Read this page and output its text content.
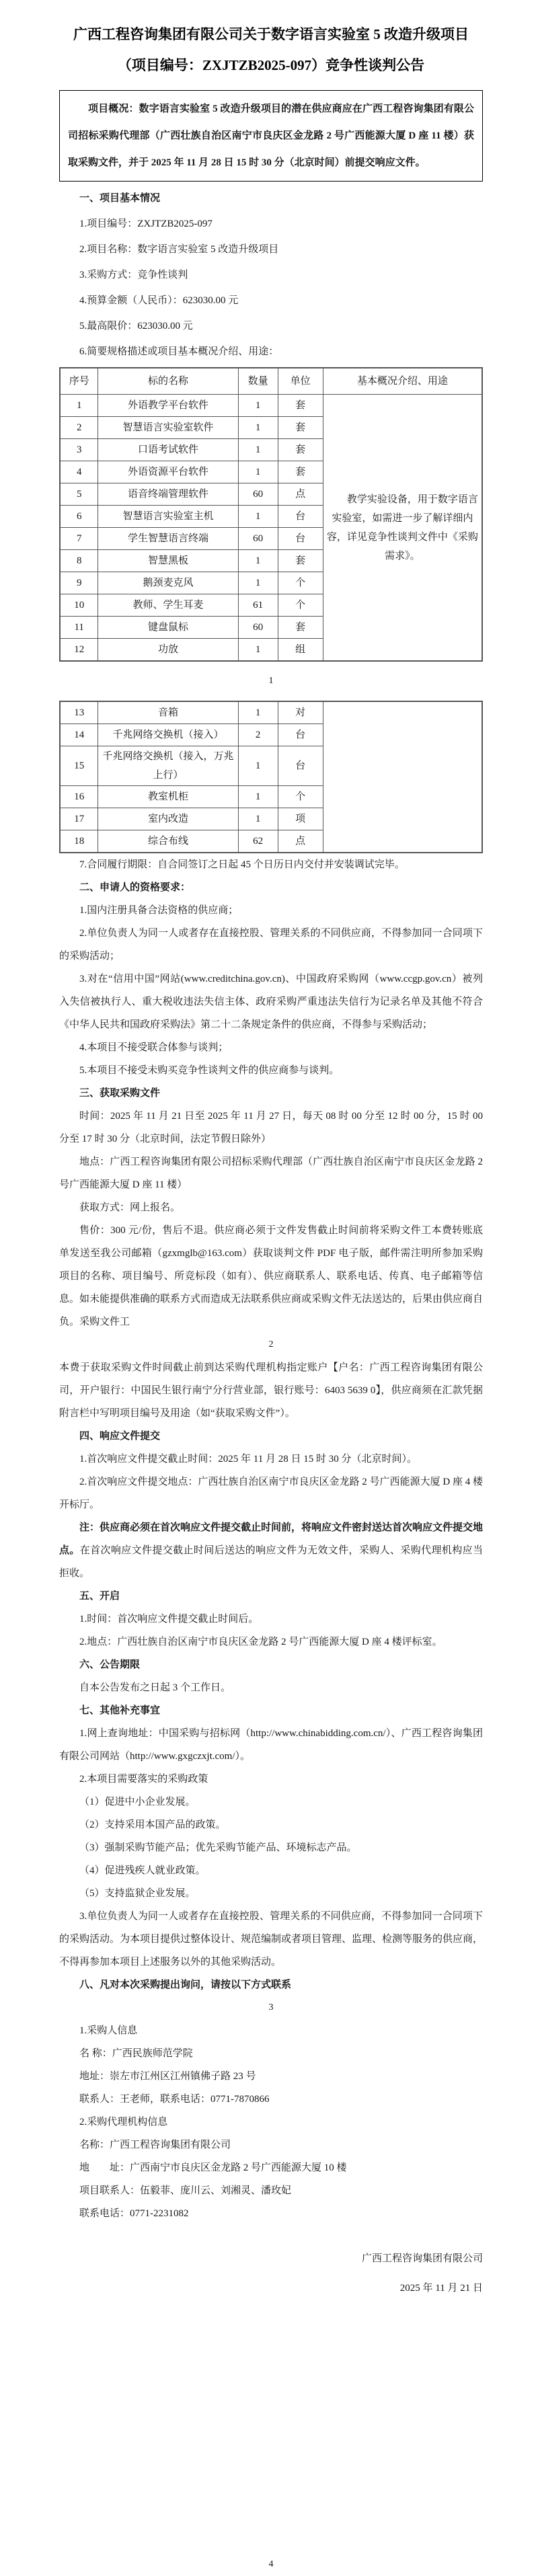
广西工程咨询集团有限公司关于数字语言实验室 5 改造升级项目
（项目编号：ZXJTZB2025-097）竞争性谈判公告
项目概况：数字语言实验室 5 改造升级项目的潜在供应商应在广西工程咨询集团有限公司招标采购代理部（广西壮族自治区南宁市良庆区金龙路 2 号广西能源大厦 D 座 11 楼）获取采购文件，并于 2025 年 11 月 28 日 15 时 30 分（北京时间）前提交响应文件。

一、项目基本情况

1.项目编号：ZXJTZB2025-097

2.项目名称：数字语言实验室 5 改造升级项目

3.采购方式：竞争性谈判

4.预算金额（人民币）：623030.00 元

5.最高限价：623030.00 元

6.简要规格描述或项目基本概况介绍、用途：

序号	标的名称	数量	单位	基本概况介绍、用途
1	外语教学平台软件	1	套	教学实验设备，用于数字语言实验室，如需进一步了解详细内容，详见竞争性谈判文件中《采购需求》。
2	智慧语言实验室软件	1	套	
3	口语考试软件	1	套	
4	外语资源平台软件	1	套	
5	语音终端管理软件	60	点	
6	智慧语言实验室主机	1	台	
7	学生智慧语言终端	60	台	
8	智慧黑板	1	套	
9	鹅颈麦克风	1	个	
10	教师、学生耳麦	61	个	
11	键盘鼠标	60	套	
12	功放	1	组	
1
13	音箱	1	对	
14	千兆网络交换机（接入）	2	台	
15	千兆网络交换机（接入，万兆上行）	1	台	
16	教室机柜	1	个	
17	室内改造	1	项	
18	综合布线	62	点	

7.合同履行期限：自合同签订之日起 45 个日历日内交付并安装调试完毕。

二、申请人的资格要求：

1.国内注册具备合法资格的供应商；

2.单位负责人为同一人或者存在直接控股、管理关系的不同供应商，不得参加同一合同项下的采购活动；

3.对在“信用中国”网站(www.creditchina.gov.cn)、中国政府采购网（www.ccgp.gov.cn）被列入失信被执行人、重大税收违法失信主体、政府采购严重违法失信行为记录名单及其他不符合《中华人民共和国政府采购法》第二十二条规定条件的供应商，不得参与采购活动；

4.本项目不接受联合体参与谈判；

5.本项目不接受未购买竞争性谈判文件的供应商参与谈判。

三、获取采购文件

时间：2025 年 11 月 21 日至 2025 年 11 月 27 日，每天 08 时 00 分至 12 时 00 分，15 时 00 分至 17 时 30 分（北京时间，法定节假日除外）

地点：广西工程咨询集团有限公司招标采购代理部（广西壮族自治区南宁市良庆区金龙路 2 号广西能源大厦 D 座 11 楼）

获取方式：网上报名。

售价：300 元/份，售后不退。供应商必须于文件发售截止时间前将采购文件工本费转账底单发送至我公司邮箱（gzxmglb@163.com）获取谈判文件 PDF 电子版，邮件需注明所参加采购项目的名称、项目编号、所竞标段（如有）、供应商联系人、联系电话、传真、电子邮箱等信息。如未能提供准确的联系方式而造成无法联系供应商或采购文件无法送达的，后果由供应商自负。采购文件工

2

本费于获取采购文件时间截止前到达采购代理机构指定账户【户名：广西工程咨询集团有限公司，开户银行：中国民生银行南宁分行营业部，银行账号：6403 5639 0】，供应商须在汇款凭据附言栏中写明项目编号及用途（如“获取采购文件”）。

四、响应文件提交

1.首次响应文件提交截止时间：2025 年 11 月 28 日 15 时 30 分（北京时间）。

2.首次响应文件提交地点：广西壮族自治区南宁市良庆区金龙路 2 号广西能源大厦 D 座 4 楼开标厅。

注：供应商必须在首次响应文件提交截止时间前，将响应文件密封送达首次响应文件提交地点。在首次响应文件提交截止时间后送达的响应文件为无效文件，采购人、采购代理机构应当拒收。

五、开启

1.时间：首次响应文件提交截止时间后。

2.地点：广西壮族自治区南宁市良庆区金龙路 2 号广西能源大厦 D 座 4 楼评标室。

六、公告期限

自本公告发布之日起 3 个工作日。

七、其他补充事宜

1.网上查询地址：中国采购与招标网（http://www.chinabidding.com.cn/）、广西工程咨询集团有限公司网站（http://www.gxgczxjt.com/）。

2.本项目需要落实的采购政策

（1）促进中小企业发展。

（2）支持采用本国产品的政策。

（3）强制采购节能产品；优先采购节能产品、环境标志产品。

（4）促进残疾人就业政策。

（5）支持监狱企业发展。

3.单位负责人为同一人或者存在直接控股、管理关系的不同供应商，不得参加同一合同项下的采购活动。为本项目提供过整体设计、规范编制或者项目管理、监理、检测等服务的供应商，不得再参加本项目上述服务以外的其他采购活动。

八、凡对本次采购提出询问，请按以下方式联系

3

1.采购人信息

名 称：广西民族师范学院

地址：崇左市江州区江州镇佛子路 23 号

联系人：王老师，联系电话：0771-7870866

2.采购代理机构信息

名称：广西工程咨询集团有限公司

地　　址：广西南宁市良庆区金龙路 2 号广西能源大厦 10 楼

项目联系人：伍毅菲、庞川云、刘湘灵、潘玫妃

联系电话：0771-2231082

广西工程咨询集团有限公司

2025 年 11 月 21 日

4
